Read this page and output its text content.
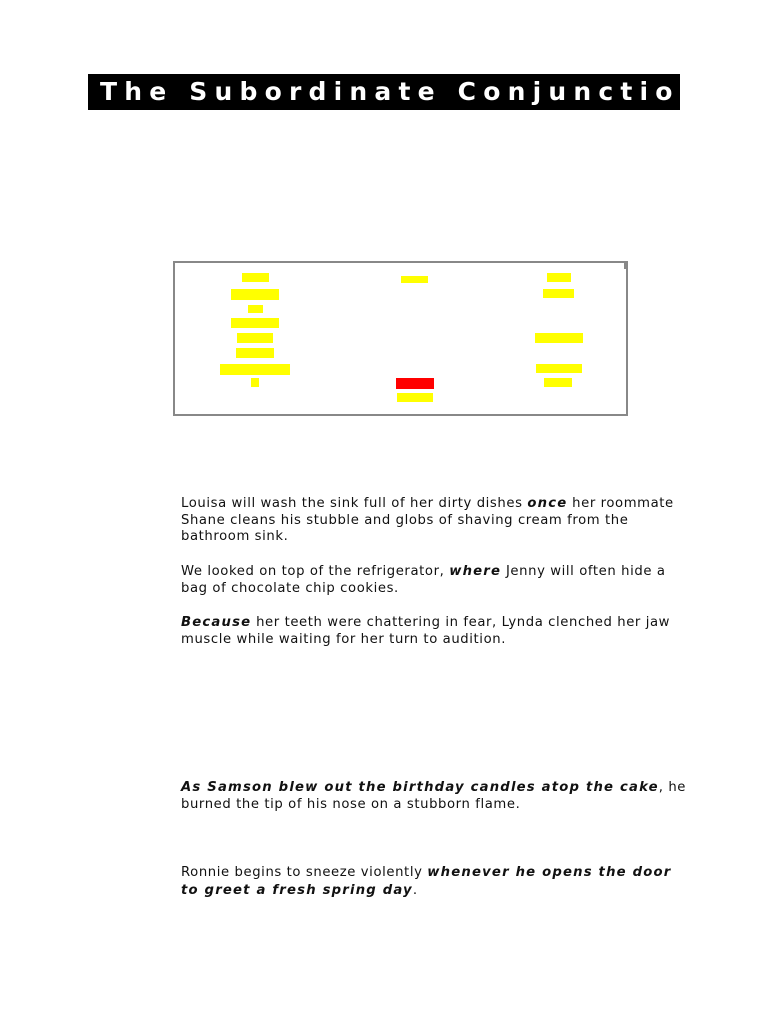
The Subordinate Conjunction

Louisa will wash the sink full of her dirty dishes once her roommate Shane cleans his stubble and globs of shaving cream from the bathroom sink.

We looked on top of the refrigerator, where Jenny will often hide a bag of chocolate chip cookies.

Because her teeth were chattering in fear, Lynda clenched her jaw muscle while waiting for her turn to audition.

As Samson blew out the birthday candles atop the cake, he burned the tip of his nose on a stubborn flame.

Ronnie begins to sneeze violently whenever he opens the door to greet a fresh spring day.
